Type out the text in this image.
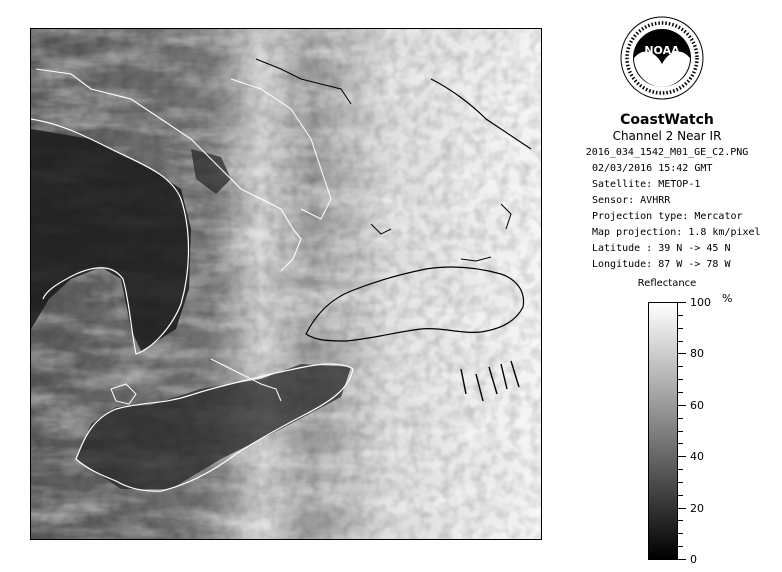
NOAA
CoastWatch
Channel 2 Near IR
2016_034_1542_M01_GE_C2.PNG
02/03/2016 15:42 GMT
Satellite: METOP-1
Sensor: AVHRR
Projection type: Mercator
Map projection: 1.8 km/pixel
Latitude : 39 N -> 45 N
Longitude: 87 W -> 78 W
Reflectance
%
100
80
60
40
20
0
